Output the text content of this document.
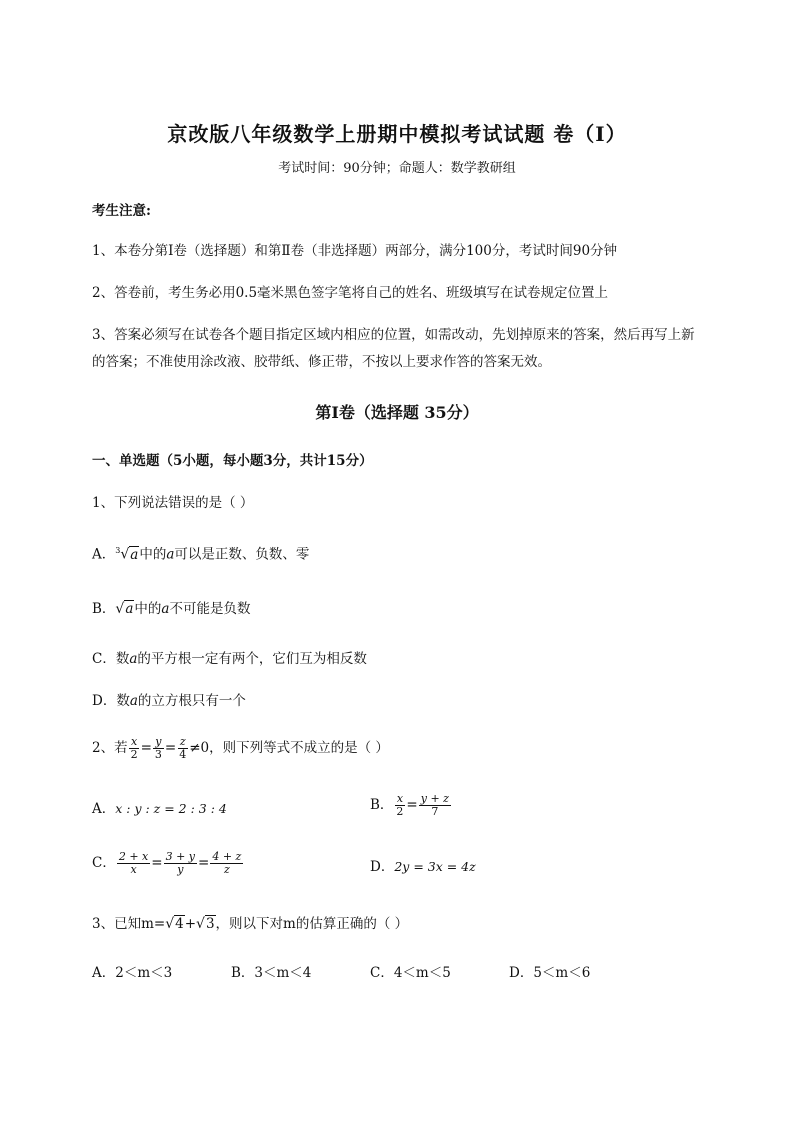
京改版八年级数学上册期中模拟考试试题 卷（Ⅰ）
考试时间：90分钟；命题人：数学教研组
考生注意:
1、本卷分第I卷（选择题）和第Ⅱ卷（非选择题）两部分，满分100分，考试时间90分钟
2、答卷前，考生务必用0.5毫米黑色签字笔将自己的姓名、班级填写在试卷规定位置上
3、答案必须写在试卷各个题目指定区域内相应的位置，如需改动，先划掉原来的答案，然后再写上新
的答案；不准使用涂改液、胶带纸、修正带，不按以上要求作答的答案无效。
第I卷（选择题 35分）
一、单选题（5小题，每小题3分，共计15分）
1、下列说法错误的是（ ）
A．$^3$√a中的a可以是正数、负数、零
B．√a中的a不可能是负数
C．数a的平方根一定有两个，它们互为相反数
D．数a的立方根只有一个
2、若 $\frac{x}{2} = \frac{y}{3} = \frac{z}{4} \ne 0$，则下列等式不成立的是（ ）
A．x : y : z = 2 : 3 : 4	B． $\frac{x}{2} = \frac{y + z}{7}$
C． $\frac{2 + x}{x} = \frac{3 + y}{y} = \frac{4 + z}{z}$	D．2y = 3x = 4z
3、已知m=√4+√3，则以下对m的估算正确的（ ）
A．2＜m＜3	B．3＜m＜4	C．4＜m＜5	D．5＜m＜6
